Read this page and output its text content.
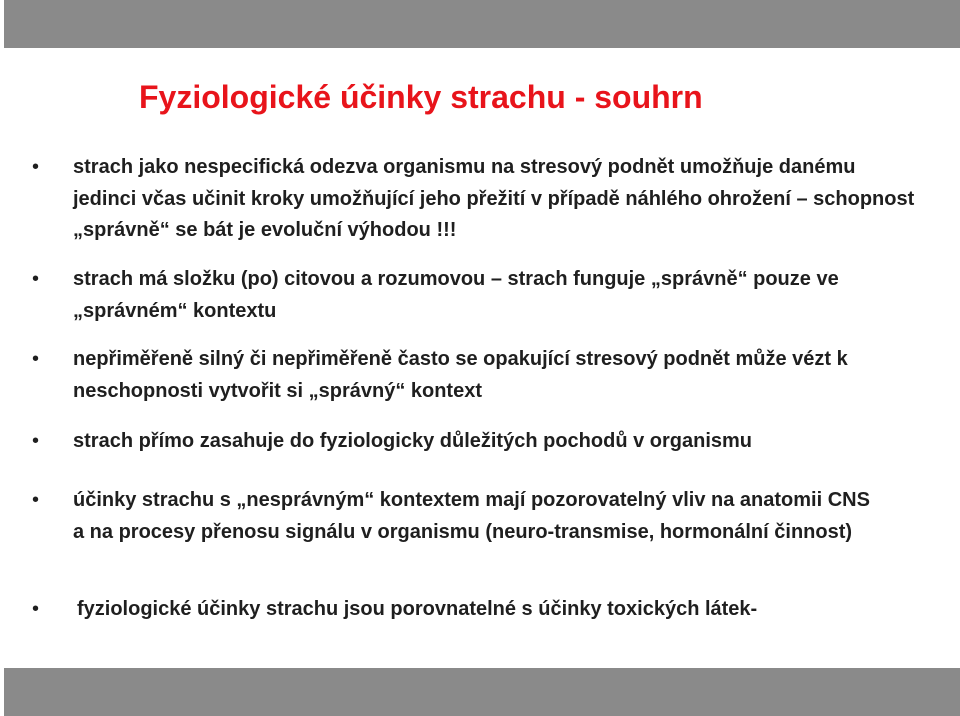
Fyziologické účinky strachu - souhrn
• strach jako nespecifická odezva organismu na stresový podnět umožňuje danému jedinci včas učinit kroky umožňující jeho přežití v případě náhlého ohrožení – schopnost „správně“ se bát je evoluční výhodou !!!
• strach má složku (po) citovou a rozumovou – strach funguje „správně“ pouze ve „správném“ kontextu
• nepřiměřeně silný či nepřiměřeně často se opakující stresový podnět může vézt k neschopnosti vytvořit si „správný“ kontext
• strach přímo zasahuje do fyziologicky důležitých pochodů v organismu
• účinky strachu s „nesprávným“ kontextem mají pozorovatelný vliv na anatomii CNS a na procesy přenosu signálu v organismu (neuro-transmise, hormonální činnost)
• fyziologické účinky strachu jsou porovnatelné s účinky toxických látek-
